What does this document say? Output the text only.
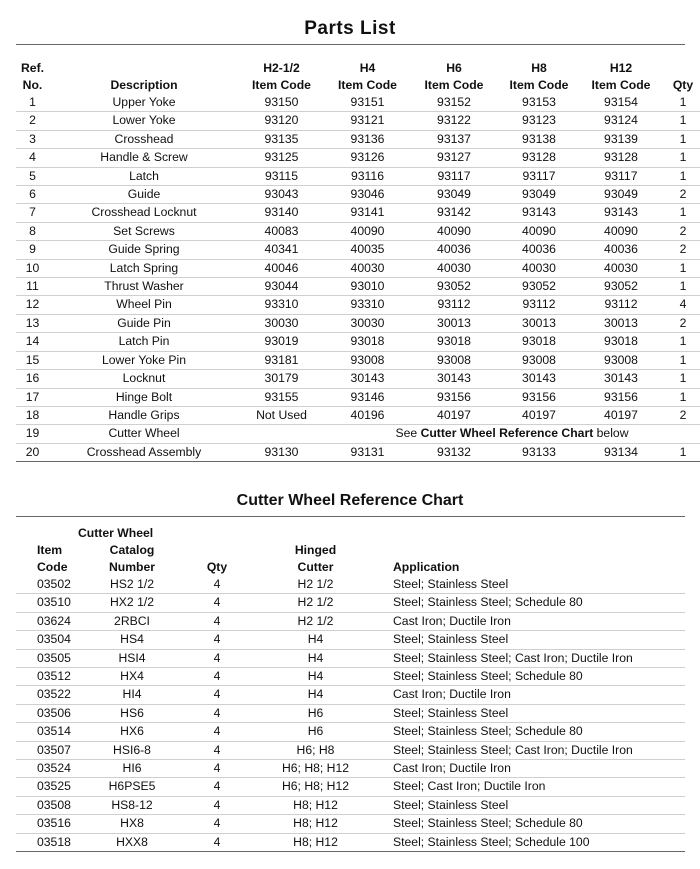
Parts List
Ref.		H2-1/2	H4	H6	H8	H12	
No.	Description	Item Code	Item Code	Item Code	Item Code	Item Code	Qty
1	Upper Yoke	93150	93151	93152	93153	93154	1
2	Lower Yoke	93120	93121	93122	93123	93124	1
3	Crosshead	93135	93136	93137	93138	93139	1
4	Handle & Screw	93125	93126	93127	93128	93128	1
5	Latch	93115	93116	93117	93117	93117	1
6	Guide	93043	93046	93049	93049	93049	2
7	Crosshead Locknut	93140	93141	93142	93143	93143	1
8	Set Screws	40083	40090	40090	40090	40090	2
9	Guide Spring	40341	40035	40036	40036	40036	2
10	Latch Spring	40046	40030	40030	40030	40030	1
11	Thrust Washer	93044	93010	93052	93052	93052	1
12	Wheel Pin	93310	93310	93112	93112	93112	4
13	Guide Pin	30030	30030	30013	30013	30013	2
14	Latch Pin	93019	93018	93018	93018	93018	1
15	Lower Yoke Pin	93181	93008	93008	93008	93008	1
16	Locknut	30179	30143	30143	30143	30143	1
17	Hinge Bolt	93155	93146	93156	93156	93156	1
18	Handle Grips	Not Used	40196	40197	40197	40197	2
19	Cutter Wheel	See Cutter Wheel Reference Chart below					
20	Crosshead Assembly	93130	93131	93132	93133	93134	1
Cutter Wheel Reference Chart
	Cutter Wheel			
Item	Catalog		Hinged	
Code	Number	Qty	Cutter	Application
03502	HS2 1/2	4	H2 1/2	Steel; Stainless Steel
03510	HX2 1/2	4	H2 1/2	Steel; Stainless Steel; Schedule 80
03624	2RBCI	4	H2 1/2	Cast Iron; Ductile Iron
03504	HS4	4	H4	Steel; Stainless Steel
03505	HSI4	4	H4	Steel; Stainless Steel; Cast Iron; Ductile Iron
03512	HX4	4	H4	Steel; Stainless Steel; Schedule 80
03522	HI4	4	H4	Cast Iron; Ductile Iron
03506	HS6	4	H6	Steel; Stainless Steel
03514	HX6	4	H6	Steel; Stainless Steel; Schedule 80
03507	HSI6-8	4	H6; H8	Steel; Stainless Steel; Cast Iron; Ductile Iron
03524	HI6	4	H6; H8; H12	Cast Iron; Ductile Iron
03525	H6PSE5	4	H6; H8; H12	Steel; Cast Iron; Ductile Iron
03508	HS8-12	4	H8; H12	Steel; Stainless Steel
03516	HX8	4	H8; H12	Steel; Stainless Steel; Schedule 80
03518	HXX8	4	H8; H12	Steel; Stainless Steel; Schedule 100
